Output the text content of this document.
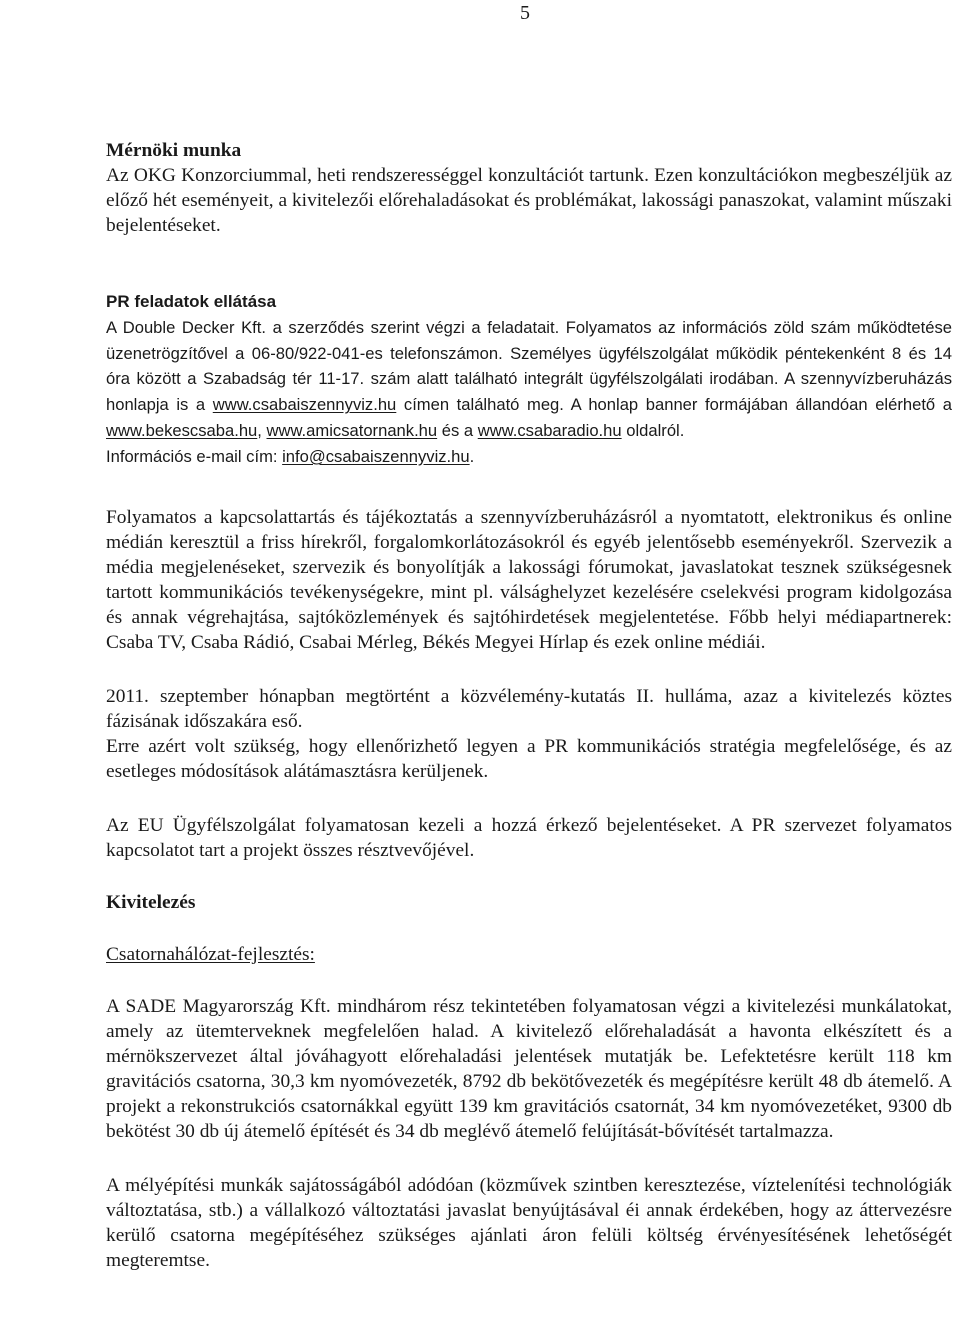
5

Mérnöki munka

Az OKG Konzorciummal, heti rendszerességgel konzultációt tartunk. Ezen konzultációkon megbeszéljük az előző hét eseményeit, a kivitelezői előrehaladásokat és problémákat, lakossági panaszokat, valamint műszaki bejelentéseket.

PR feladatok ellátása

A Double Decker Kft. a szerződés szerint végzi a feladatait. Folyamatos az információs zöld szám működtetése üzenetrögzítővel a 06-80/922-041-es telefonszámon. Személyes ügyfélszolgálat működik péntekenként 8 és 14 óra között a Szabadság tér 11-17. szám alatt található integrált ügyfélszolgálati irodában. A szennyvízberuházás honlapja is a www.csabaiszennyviz.hu címen található meg. A honlap banner formájában állandóan elérhető a www.bekescsaba.hu, www.amicsatornank.hu és a www.csabaradio.hu oldalról.

Információs e-mail cím: info@csabaiszennyviz.hu.

Folyamatos a kapcsolattartás és tájékoztatás a szennyvízberuházásról a nyomtatott, elektronikus és online médián keresztül a friss hírekről, forgalomkorlátozásokról és egyéb jelentősebb eseményekről. Szervezik a média megjelenéseket, szervezik és bonyolítják a lakossági fórumokat, javaslatokat tesznek szükségesnek tartott kommunikációs tevékenységekre, mint pl. válsághelyzet kezelésére cselekvési program kidolgozása és annak végrehajtása, sajtóközlemények és sajtóhirdetések megjelentetése. Főbb helyi médiapartnerek: Csaba TV, Csaba Rádió, Csabai Mérleg, Békés Megyei Hírlap és ezek online médiái.

2011. szeptember hónapban megtörtént a közvélemény-kutatás II. hulláma, azaz a kivitelezés köztes fázisának időszakára eső.

Erre azért volt szükség, hogy ellenőrizhető legyen a PR kommunikációs stratégia megfelelősége, és az esetleges módosítások alátámasztásra kerüljenek.

Az EU Ügyfélszolgálat folyamatosan kezeli a hozzá érkező bejelentéseket. A PR szervezet folyamatos kapcsolatot tart a projekt összes résztvevőjével.

Kivitelezés

Csatornahálózat-fejlesztés:

A SADE Magyarország Kft. mindhárom rész tekintetében folyamatosan végzi a kivitelezési munkálatokat, amely az ütemterveknek megfelelően halad. A kivitelező előrehaladását a havonta elkészített és a mérnökszervezet által jóváhagyott előrehaladási jelentések mutatják be. Lefektetésre került 118 km gravitációs csatorna, 30,3 km nyomóvezeték, 8792 db bekötővezeték és megépítésre került 48 db átemelő. A projekt a rekonstrukciós csatornákkal együtt 139 km gravitációs csatornát, 34 km nyomóvezetéket, 9300 db bekötést 30 db új átemelő építését és 34 db meglévő átemelő felújítását-bővítését tartalmazza.

A mélyépítési munkák sajátosságából adódóan (közművek szintben keresztezése, víztelenítési technológiák változtatása, stb.) a vállalkozó változtatási javaslat benyújtásával éi annak érdekében, hogy az áttervezésre kerülő csatorna megépítéséhez szükséges ajánlati áron felüli költség érvényesítésének lehetőségét megteremtse.
